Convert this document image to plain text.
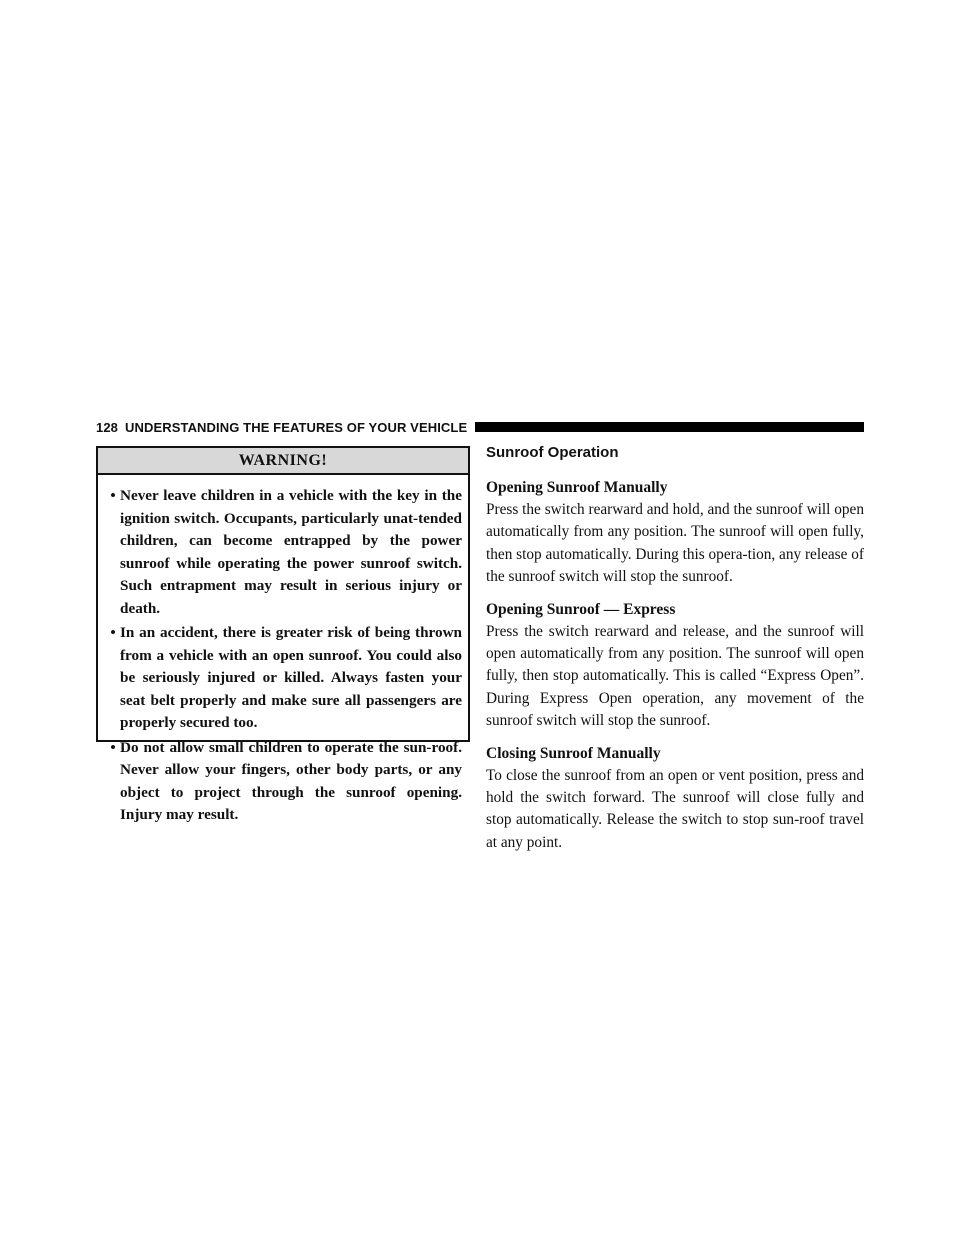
128 UNDERSTANDING THE FEATURES OF YOUR VEHICLE
WARNING!
• Never leave children in a vehicle with the key in the ignition switch. Occupants, particularly unat-tended children, can become entrapped by the power sunroof while operating the power sunroof switch. Such entrapment may result in serious injury or death.
• In an accident, there is greater risk of being thrown from a vehicle with an open sunroof. You could also be seriously injured or killed. Always fasten your seat belt properly and make sure all passengers are properly secured too.
• Do not allow small children to operate the sun-roof. Never allow your fingers, other body parts, or any object to project through the sunroof opening. Injury may result.
Sunroof Operation
Opening Sunroof Manually

Press the switch rearward and hold, and the sunroof will open automatically from any position. The sunroof will open fully, then stop automatically. During this opera-tion, any release of the sunroof switch will stop the sunroof.

Opening Sunroof — Express

Press the switch rearward and release, and the sunroof will open automatically from any position. The sunroof will open fully, then stop automatically. This is called “Express Open”. During Express Open operation, any movement of the sunroof switch will stop the sunroof.

Closing Sunroof Manually

To close the sunroof from an open or vent position, press and hold the switch forward. The sunroof will close fully and stop automatically. Release the switch to stop sun-roof travel at any point.
